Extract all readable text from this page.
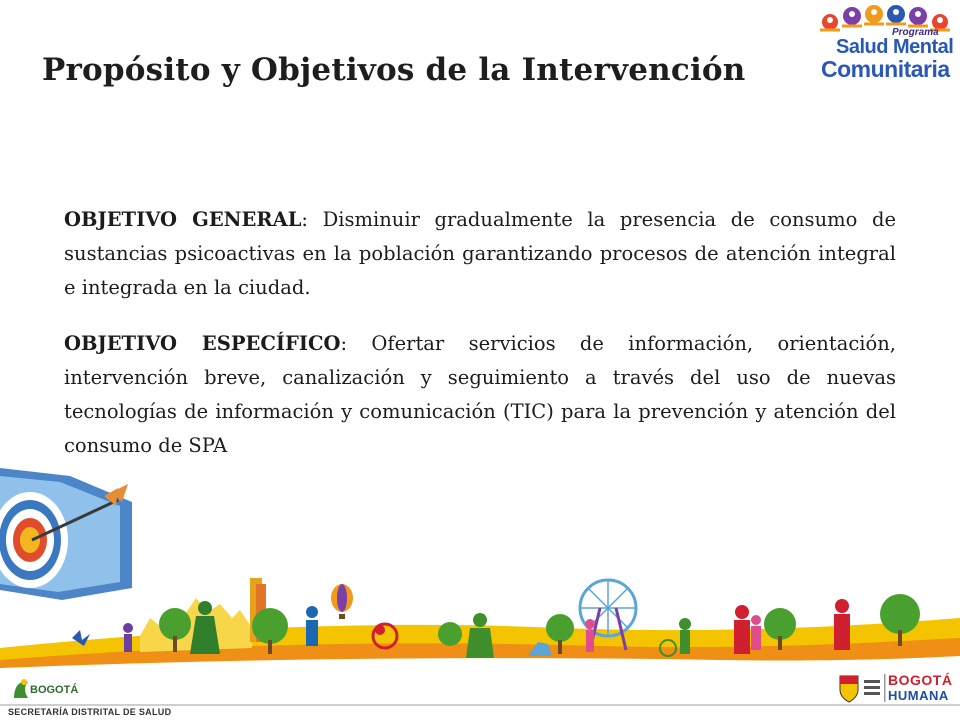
Propósito y Objetivos de la Intervención
Programa
Salud Mental
Comunitaria

OBJETIVO GENERAL: Disminuir gradualmente la presencia de consumo de sustancias psicoactivas en la población garantizando procesos de atención integral e integrada en la ciudad.

OBJETIVO ESPECÍFICO: Ofertar servicios de información, orientación, intervención breve, canalización y seguimiento a través del uso de nuevas tecnologías de información y comunicación (TIC) para la prevención y atención del consumo de SPA

BOGOTÁ
SECRETARÍA DISTRITAL DE SALUD
BOGOTÁ
HUMANA
